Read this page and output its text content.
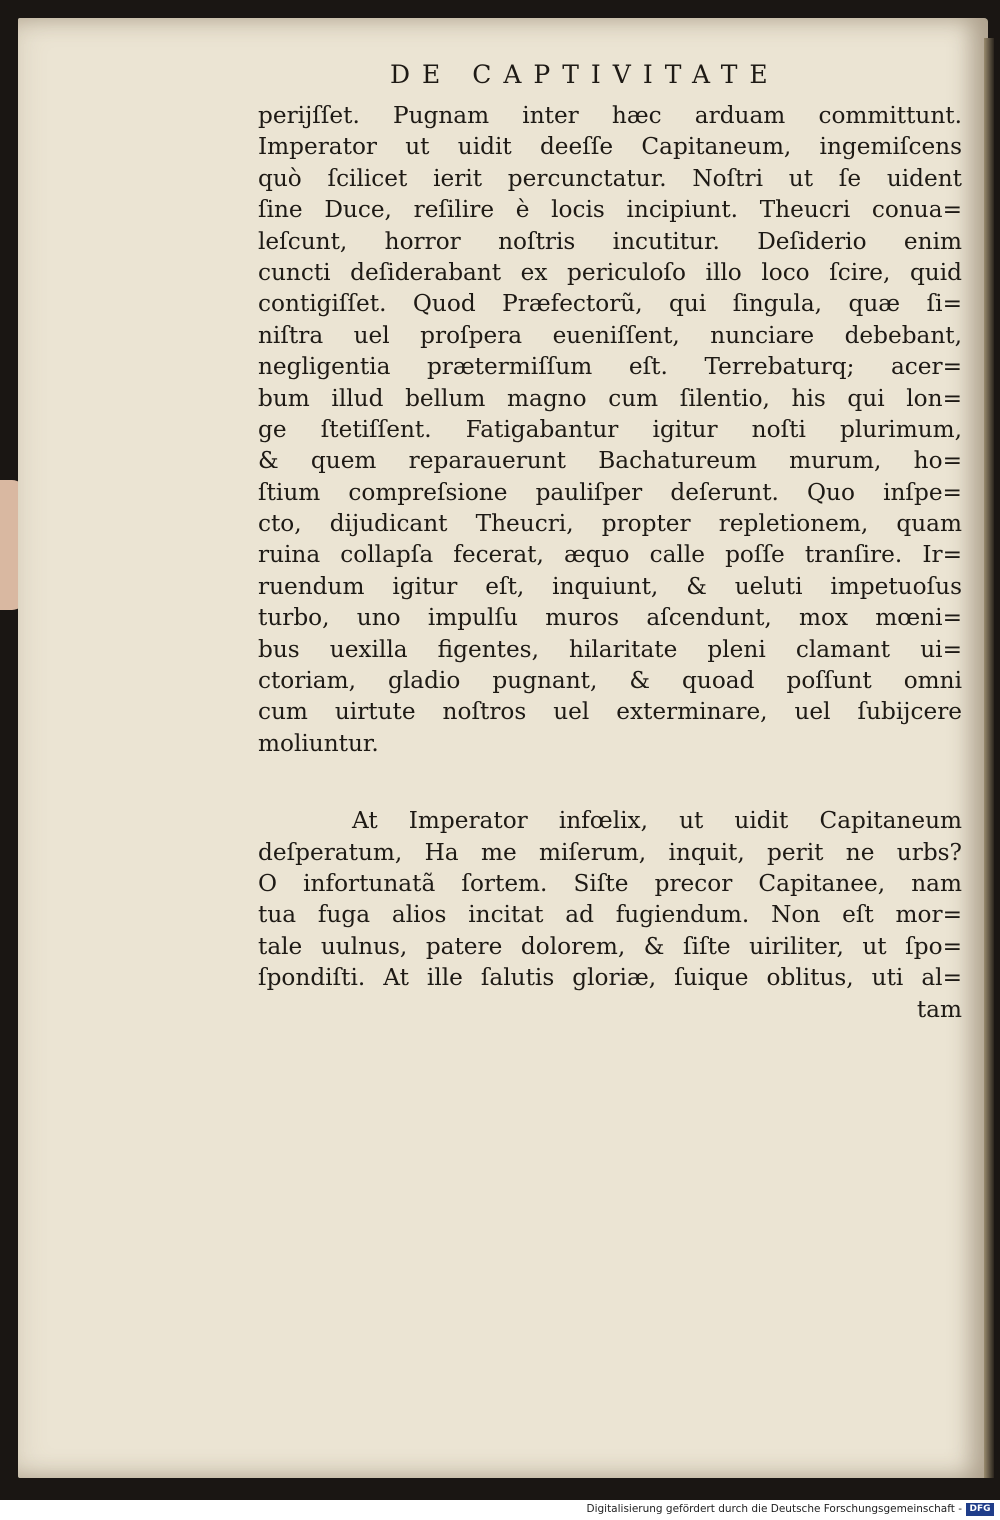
DE CAPTIVITATE
perijſſet. Pugnam inter hæc arduam committunt.
Imperator ut uidit deeſſe Capitaneum, ingemiſcens
quò ſcilicet ierit percunctatur. Noſtri ut ſe uident
ſine Duce, reſilire è locis incipiunt. Theucri conua=
leſcunt, horror noſtris incutitur. Deſiderio enim
cuncti deſiderabant ex periculoſo illo loco ſcire, quid
contigiſſet. Quod Præfectorũ, qui ſingula, quæ ſi=
niſtra uel proſpera eueniſſent, nunciare debebant,
negligentia prætermiſſum eſt. Terrebaturq; acer=
bum illud bellum magno cum ſilentio, his qui lon=
ge ſtetiſſent. Fatigabantur igitur noſti plurimum,
& quem reparauerunt Bachatureum murum, ho=
ſtium compreſsione pauliſper deſerunt. Quo inſpe=
cto, dijudicant Theucri, propter repletionem, quam
ruina collapſa fecerat, æquo calle poſſe tranſire. Ir=
ruendum igitur eſt, inquiunt, & ueluti impetuoſus
turbo, uno impulſu muros aſcendunt, mox mœni=
bus uexilla figentes, hilaritate pleni clamant ui=
ctoriam, gladio pugnant, & quoad poſſunt omni
cum uirtute noſtros uel exterminare, uel ſubijcere
moliuntur.
At Imperator infœlix, ut uidit Capitaneum
deſperatum, Ha me miſerum, inquit, perit ne urbs?
O infortunatã ſortem. Siſte precor Capitanee, nam
tua fuga alios incitat ad fugiendum. Non eſt mor=
tale uulnus, patere dolorem, & ſiſte uiriliter, ut ſpo=
ſpondiſti. At ille ſalutis gloriæ, ſuique oblitus, uti al=
tam
Digitalisierung gefördert durch die Deutsche Forschungsgemeinschaft - DFG
